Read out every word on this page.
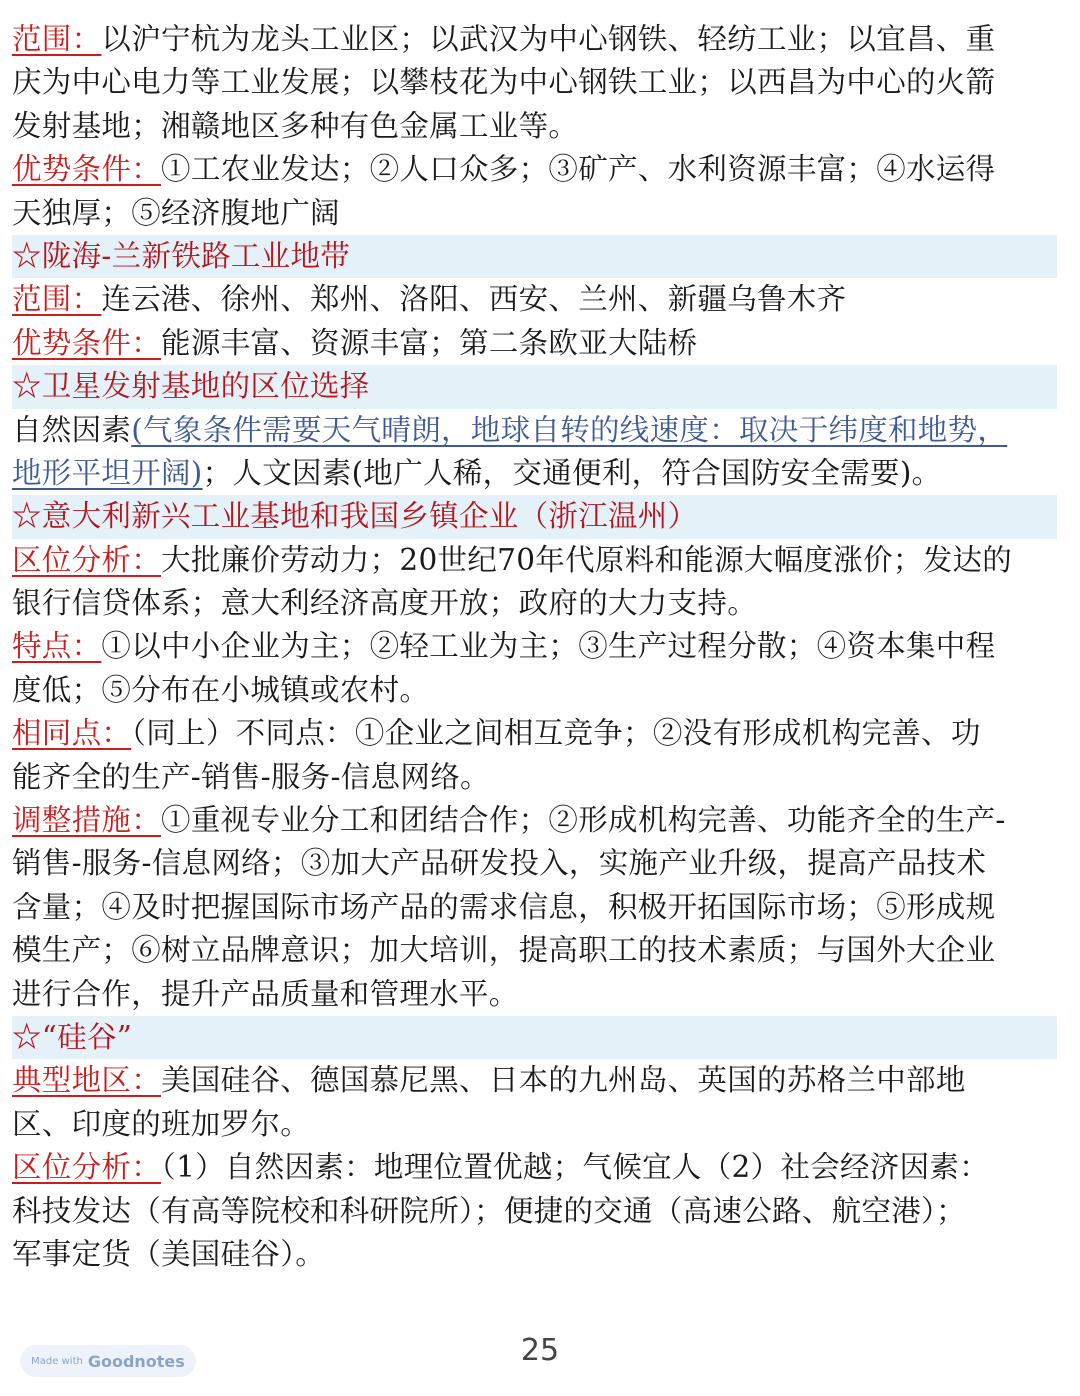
范围：以沪宁杭为龙头工业区；以武汉为中心钢铁、轻纺工业；以宜昌、重
庆为中心电力等工业发展；以攀枝花为中心钢铁工业；以西昌为中心的火箭
发射基地；湘赣地区多种有色金属工业等。
优势条件：①工农业发达；②人口众多；③矿产、水利资源丰富；④水运得
天独厚；⑤经济腹地广阔
☆陇海-兰新铁路工业地带
范围：连云港、徐州、郑州、洛阳、西安、兰州、新疆乌鲁木齐
优势条件：能源丰富、资源丰富；第二条欧亚大陆桥
☆卫星发射基地的区位选择
自然因素(气象条件需要天气晴朗，地球自转的线速度：取决于纬度和地势，
地形平坦开阔)；人文因素(地广人稀，交通便利，符合国防安全需要)。
☆意大利新兴工业基地和我国乡镇企业（浙江温州）
区位分析：大批廉价劳动力；20世纪70年代原料和能源大幅度涨价；发达的
银行信贷体系；意大利经济高度开放；政府的大力支持。
特点：①以中小企业为主；②轻工业为主；③生产过程分散；④资本集中程
度低；⑤分布在小城镇或农村。
相同点：（同上）不同点：①企业之间相互竞争；②没有形成机构完善、功
能齐全的生产-销售-服务-信息网络。
调整措施：①重视专业分工和团结合作；②形成机构完善、功能齐全的生产-
销售-服务-信息网络；③加大产品研发投入，实施产业升级，提高产品技术
含量；④及时把握国际市场产品的需求信息，积极开拓国际市场；⑤形成规
模生产；⑥树立品牌意识；加大培训，提高职工的技术素质；与国外大企业
进行合作，提升产品质量和管理水平。
☆“硅谷”
典型地区：美国硅谷、德国慕尼黑、日本的九州岛、英国的苏格兰中部地
区、印度的班加罗尔。
区位分析：（1）自然因素：地理位置优越；气候宜人（2）社会经济因素：
科技发达（有高等院校和科研院所）；便捷的交通（高速公路、航空港）；
军事定货（美国硅谷）。
25
Made with Goodnotes
